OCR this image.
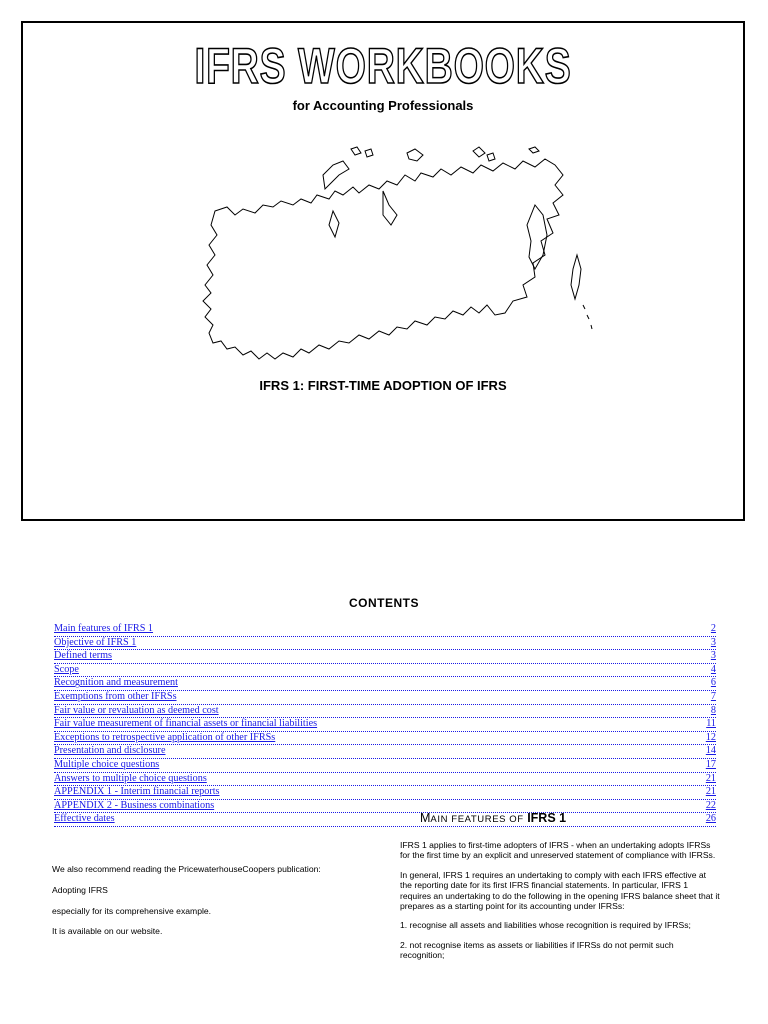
IFRS WORKBOOKS
for Accounting Professionals
IFRS 1: FIRST-TIME ADOPTION OF IFRS
CONTENTS
Main features of IFRS 1	2
Objective of IFRS 1	3
Defined terms	3
Scope	4
Recognition and measurement	6
Exemptions from other IFRSs	7
Fair value or revaluation as deemed cost	8
Fair value measurement of financial assets or financial liabilities	11
Exceptions to retrospective application of other IFRSs	12
Presentation and disclosure	14
Multiple choice questions	17
Answers to multiple choice questions	21
APPENDIX 1 - Interim financial reports	21
APPENDIX 2 - Business combinations	22
Effective dates	26
MAIN FEATURES OF IFRS 1

We also recommend reading the PricewaterhouseCoopers publication:

Adopting IFRS

especially for its comprehensive example.

It is available on our website.

IFRS 1 applies to first-time adopters of IFRS - when an undertaking adopts IFRSs for the first time by an explicit and unreserved statement of compliance with IFRSs.

In general, IFRS 1 requires an undertaking to comply with each IFRS effective at the reporting date for its first IFRS financial statements. In particular, IFRS 1 requires an undertaking to do the following in the opening IFRS balance sheet that it prepares as a starting point for its accounting under IFRSs:

1. recognise all assets and liabilities whose recognition is required by IFRSs;

2. not recognise items as assets or liabilities if IFRSs do not permit such recognition;
